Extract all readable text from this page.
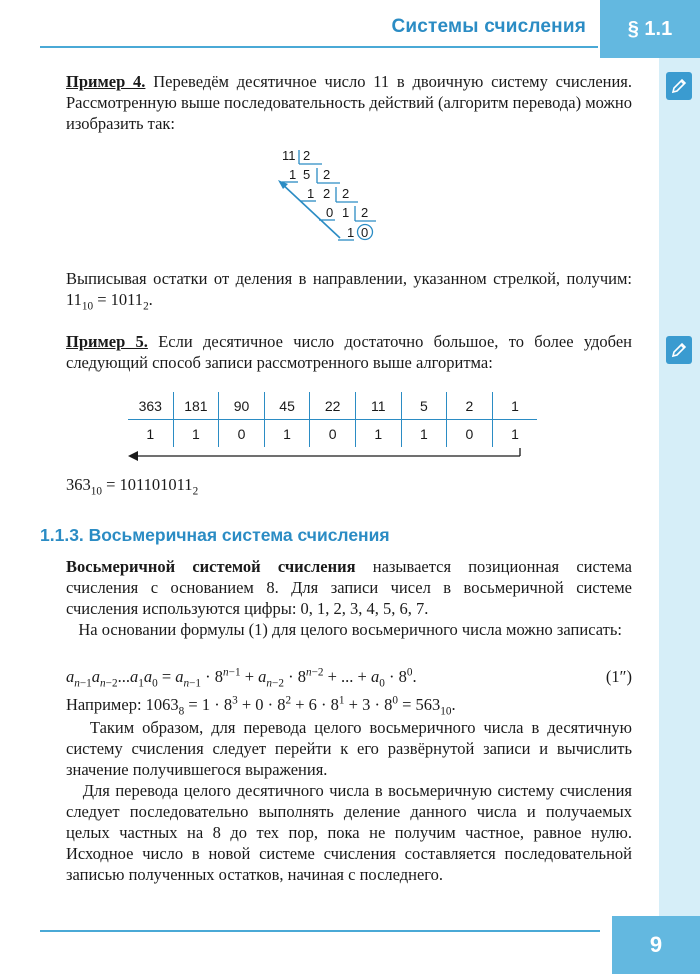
Системы счисления	§ 1.1
Пример 4. Переведём десятичное число 11 в двоичную систему счисления. Рассмотренную выше последовательность действий (алгоритм перевода) можно изобразить так:
11 2
1 5 2
1 2 2
0 1 2
1 0
Выписывая остатки от деления в направлении, указанном стрелкой, получим: $11_{10} = 1011_2$.
Пример 5. Если десятичное число достаточно большое, то более удобен следующий способ записи рассмотренного выше алгоритма:
363	181	90	45	22	11	5	2	1
1	1	0	1	0	1	1	0	1
$363_{10} = 101101011_2$
1.1.3. Восьмеричная система счисления
Восьмеричной системой счисления называется позиционная система счисления с основанием 8. Для записи чисел в восьмеричной системе счисления используются цифры: 0, 1, 2, 3, 4, 5, 6, 7.
На основании формулы (1) для целого восьмеричного числа можно записать:
$a_{n-1}a_{n-2}...a_1a_0 = a_{n-1} \cdot 8^{n-1} + a_{n-2} \cdot 8^{n-2}$ + ... + $a_0 \cdot 8^0$.	(1″)
Например: $1063_8 = 1 \cdot 8^3 + 0 \cdot 8^2 + 6 \cdot 8^1 + 3 \cdot 8^0 = 563_{10}$.
Таким образом, для перевода целого восьмеричного числа в десятичную систему счисления следует перейти к его развёрнутой записи и вычислить значение получившегося выражения.
Для перевода целого десятичного числа в восьмеричную систему счисления следует последовательно выполнять деление данного числа и получаемых целых частных на 8 до тех пор, пока не получим частное, равное нулю. Исходное число в новой системе счисления составляется последовательной записью полученных остатков, начиная с последнего.
9
